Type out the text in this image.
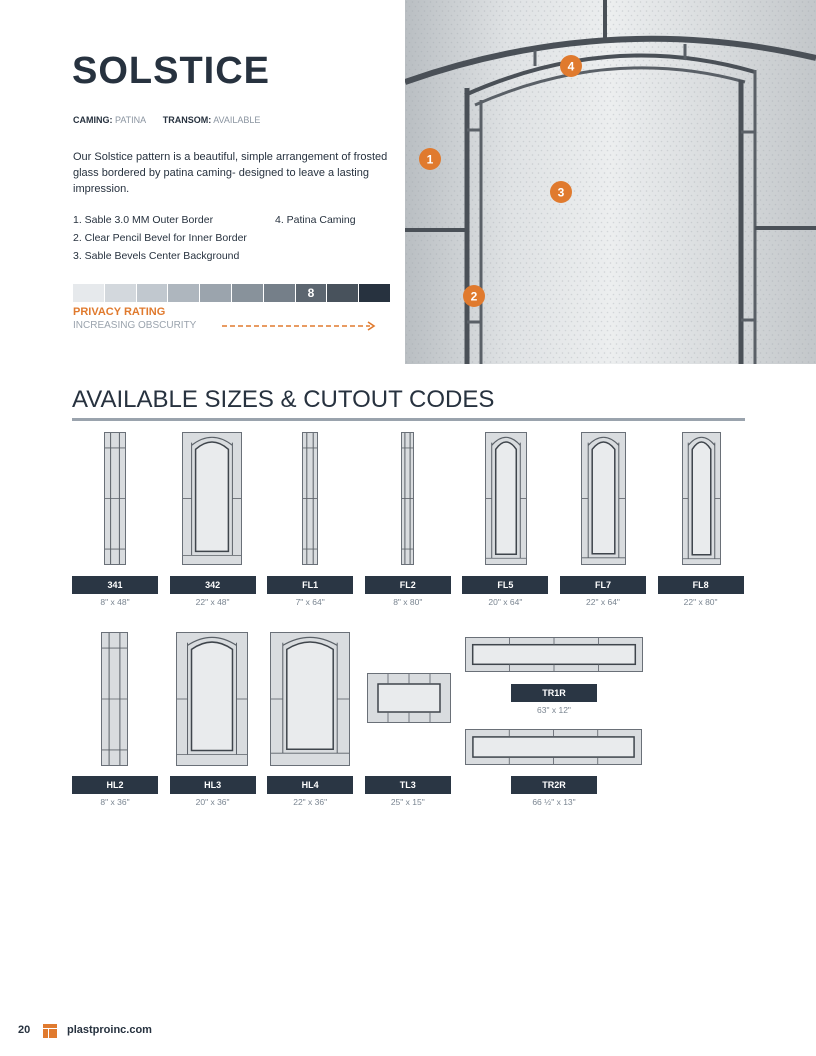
SOLSTICE
CAMING: PATINA TRANSOM: AVAILABLE
Our Solstice pattern is a beautiful, simple arrangement of frosted glass bordered by patina caming- designed to leave a lasting impression.
1. Sable 3.0 MM Outer Border
2. Clear Pencil Bevel for Inner Border
3. Sable Bevels Center Background
4. Patina Caming
8
PRIVACY RATING
INCREASING OBSCURITY
1
2
3
4
AVAILABLE SIZES & CUTOUT CODES
341
8" x 48"
342
22" x 48"
FL1
7" x 64"
FL2
8" x 80"
FL5
20" x 64"
FL7
22" x 64"
FL8
22" x 80"
HL2
8" x 36"
HL3
20" x 36"
HL4
22" x 36"
TL3
25" x 15"
TR1R
63" x 12"
TR2R
66 ½" x 13"
20	plastproinc.com
